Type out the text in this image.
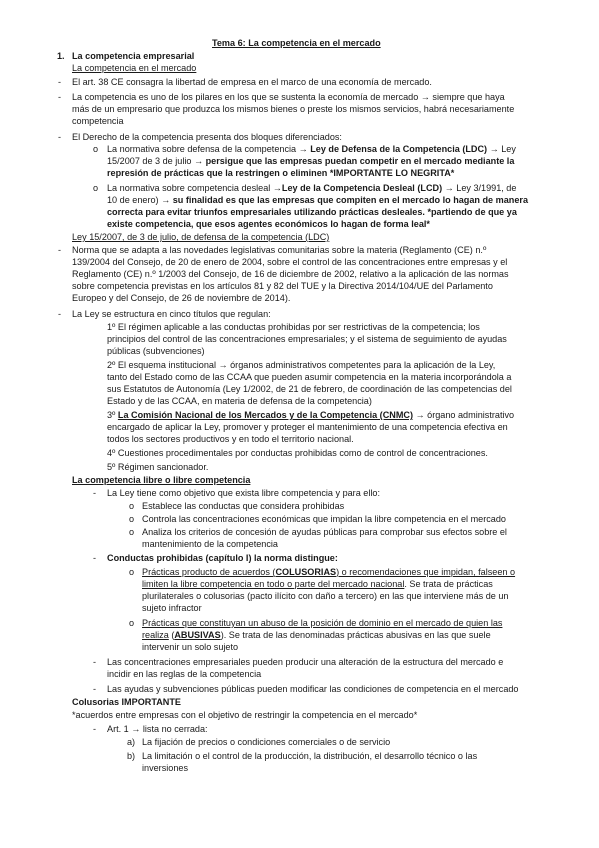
Tema 6: La competencia en el mercado
1. La competencia empresarial
La competencia en el mercado
- El art. 38 CE consagra la libertad de empresa en el marco de una economía de mercado.
- La competencia es uno de los pilares en los que se sustenta la economía de mercado → siempre que haya
más de un empresario que produzca los mismos bienes o preste los mismos servicios, habrá necesariamente
competencia
- El Derecho de la competencia presenta dos bloques diferenciados:
o La normativa sobre defensa de la competencia → Ley de Defensa de la Competencia (LDC) → Ley
15/2007 de 3 de julio → persigue que las empresas puedan competir en el mercado mediante la
represión de prácticas que la restringen o eliminen *IMPORTANTE LO NEGRITA*
o La normativa sobre competencia desleal →Ley de la Competencia Desleal (LCD) → Ley 3/1991, de
10 de enero) → su finalidad es que las empresas que compiten en el mercado lo hagan de manera
correcta para evitar triunfos empresariales utilizando prácticas desleales. *partiendo de que ya
existe competencia, que esos agentes económicos lo hagan de forma leal*
Ley 15/2007, de 3 de julio, de defensa de la competencia (LDC)
- Norma que se adapta a las novedades legislativas comunitarias sobre la materia (Reglamento (CE) n.º
139/2004 del Consejo, de 20 de enero de 2004, sobre el control de las concentraciones entre empresas y el
Reglamento (CE) n.º 1/2003 del Consejo, de 16 de diciembre de 2002, relativo a la aplicación de las normas
sobre competencia previstas en los artículos 81 y 82 del TUE y la Directiva 2014/104/UE del Parlamento
Europeo y del Consejo, de 26 de noviembre de 2014).
- La Ley se estructura en cinco títulos que regulan:
1º El régimen aplicable a las conductas prohibidas por ser restrictivas de la competencia; los
principios del control de las concentraciones empresariales; y el sistema de seguimiento de ayudas
públicas (subvenciones)
2º El esquema institucional → órganos administrativos competentes para la aplicación de la Ley,
tanto del Estado como de las CCAA que pueden asumir competencia en la materia incorporándola a
sus Estatutos de Autonomía (Ley 1/2002, de 21 de febrero, de coordinación de las competencias del
Estado y de las CCAA, en materia de defensa de la competencia)
3º La Comisión Nacional de los Mercados y de la Competencia (CNMC) → órgano administrativo
encargado de aplicar la Ley, promover y proteger el mantenimiento de una competencia efectiva en
todos los sectores productivos y en todo el territorio nacional.
4º Cuestiones procedimentales por conductas prohibidas como de control de concentraciones.
5º Régimen sancionador.
La competencia libre o libre competencia
- La Ley tiene como objetivo que exista libre competencia y para ello:
o Establece las conductas que considera prohibidas
o Controla las concentraciones económicas que impidan la libre competencia en el mercado
o Analiza los criterios de concesión de ayudas públicas para comprobar sus efectos sobre el
mantenimiento de la competencia
- Conductas prohibidas (capítulo I) la norma distingue:
o Prácticas producto de acuerdos (COLUSORIAS) o recomendaciones que impidan, falseen o
limiten la libre competencia en todo o parte del mercado nacional. Se trata de prácticas
plurilaterales o colusorias (pacto ilícito con daño a tercero) en las que interviene más de un
sujeto infractor
o Prácticas que constituyan un abuso de la posición de dominio en el mercado de quien las
realiza (ABUSIVAS). Se trata de las denominadas prácticas abusivas en las que suele
intervenir un solo sujeto
- Las concentraciones empresariales pueden producir una alteración de la estructura del mercado e
incidir en las reglas de la competencia
- Las ayudas y subvenciones públicas pueden modificar las condiciones de competencia en el mercado
Colusorias IMPORTANTE
*acuerdos entre empresas con el objetivo de restringir la competencia en el mercado*
- Art. 1 → lista no cerrada:
a) La fijación de precios o condiciones comerciales o de servicio
b) La limitación o el control de la producción, la distribución, el desarrollo técnico o las
inversiones
